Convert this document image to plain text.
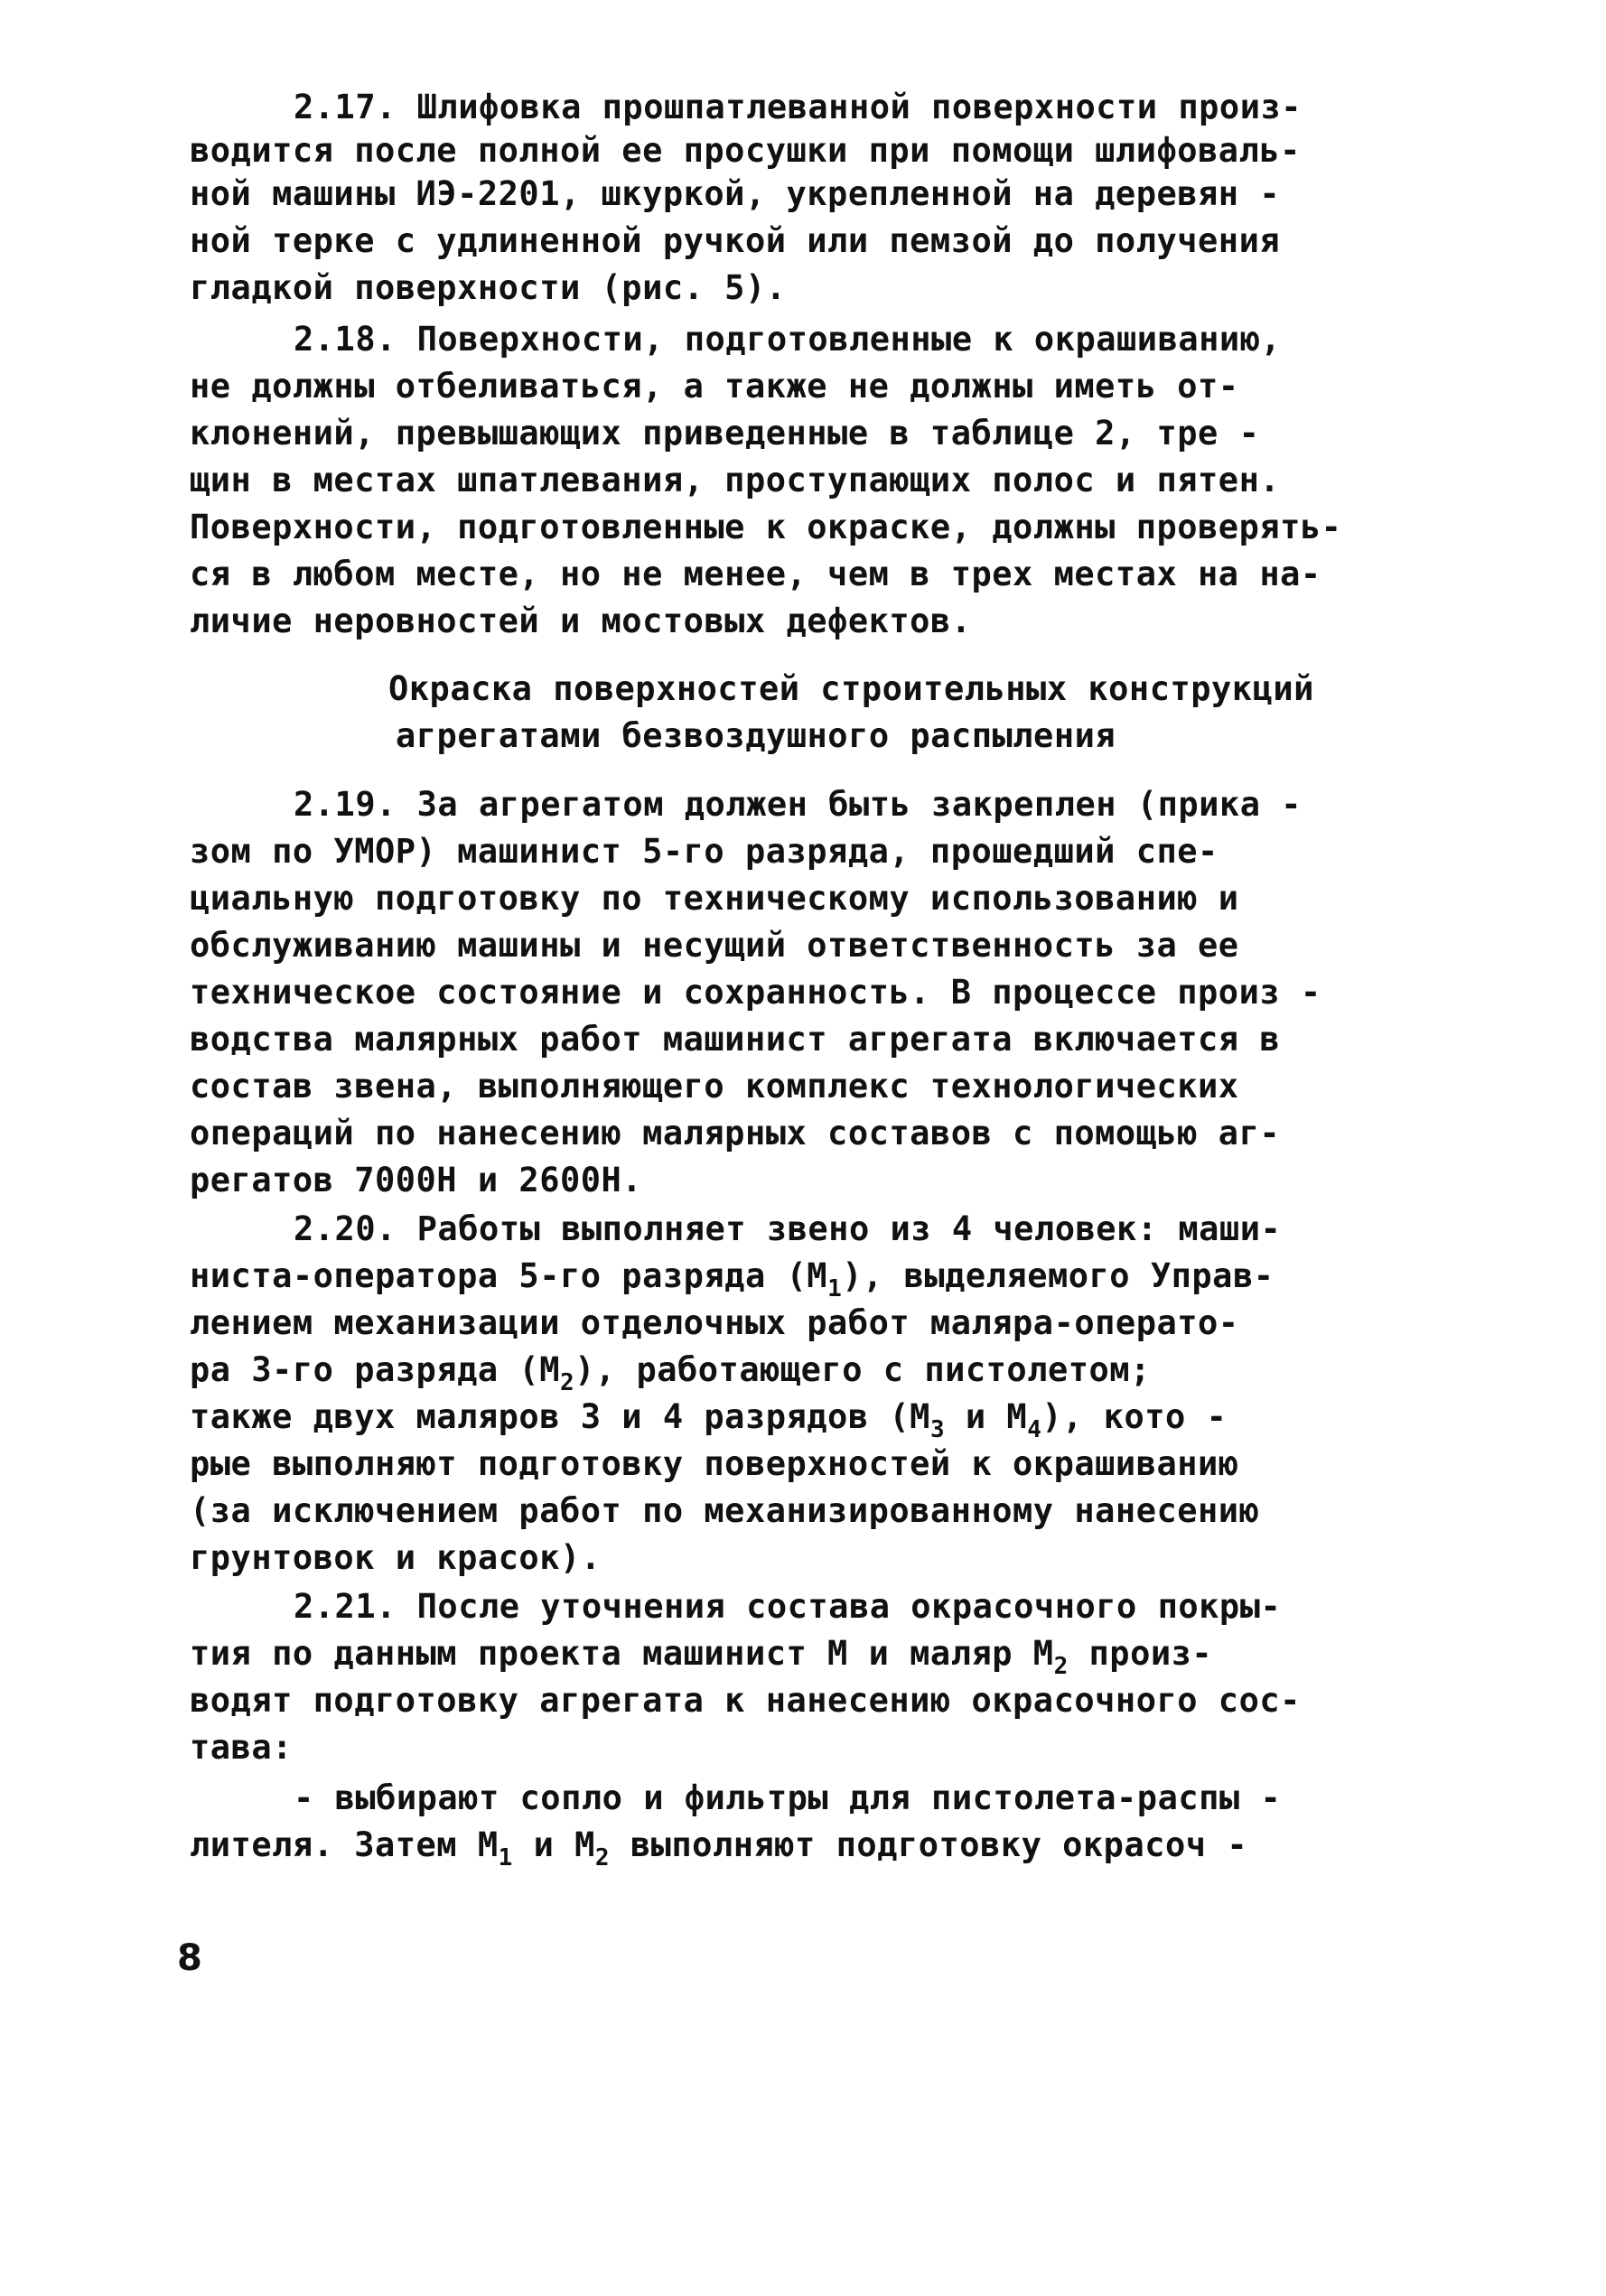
2.17. Шлифовка прошпатлеванной поверхности произ-
водится после полной ее просушки при помощи шлифоваль-
ной машины ИЭ-2201, шкуркой, укрепленной на деревян -
ной терке с удлиненной ручкой или пемзой до получения
гладкой поверхности (рис. 5).
2.18. Поверхности, подготовленные к окрашиванию,
не должны отбеливаться, а также не должны иметь от-
клонений, превышающих приведенные в таблице 2, тре -
щин в местах шпатлевания, проступающих полос и пятен.
Поверхности, подготовленные к окраске, должны проверять-
ся в любом месте, но не менее, чем в трех местах на на-
личие неровностей и мостовых дефектов.
Окраска поверхностей строительных конструкций
агрегатами безвоздушного распыления
2.19. За агрегатом должен быть закреплен (прика -
зом по УМОР) машинист 5-го разряда, прошедший спе-
циальную подготовку по техническому использованию и
обслуживанию машины и несущий ответственность за ее
техническое состояние и сохранность. В процессе произ -
водства малярных работ машинист агрегата включается в
состав звена, выполняющего комплекс технологических
операций по нанесению малярных составов с помощью аг-
регатов 7000Н и 2600Н.
2.20. Работы выполняет звено из 4 человек: маши-
ниста-оператора 5-го разряда $(М_1)$, выделяемого Управ-
лением механизации отделочных работ маляра-операто-
ра 3-го разряда $(М_2)$, работающего с пистолетом;
также двух маляров 3 и 4 разрядов ($М_3$ и $М_4$), кото -
рые выполняют подготовку поверхностей к окрашиванию
(за исключением работ по механизированному нанесению
грунтовок и красок).
2.21. После уточнения состава окрасочного покры-
тия по данным проекта машинист М и маляр $М_2$ произ-
водят подготовку агрегата к нанесению окрасочного сос-
тава:
- выбирают сопло и фильтры для пистолета-распы -
лителя. Затем $М_1$ и $М_2$ выполняют подготовку окрасоч -
8
